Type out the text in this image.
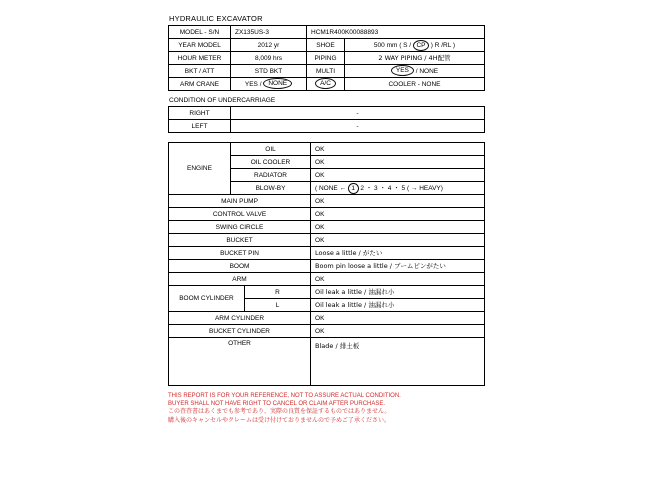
HYDRAULIC EXCAVATOR
MODEL - S/N	ZX135US-3	HCM1R400K00088893	
YEAR MODEL	2012 yr	SHOE	500 mm ( S / CP ) R /RL )
HOUR METER	8,009 hrs	PIPING	2 WAY PIPING / 4H配管
BKT / ATT	STD BKT	MULTI	YES / NONE
ARM CRANE	YES / NONE	A/C	COOLER - NONE
CONDITION OF UNDERCARRIAGE
RIGHT	-
LEFT	-
ENGINE	OIL		OK
	OIL COOLER		OK
	RADIATOR		OK
	BLOW-BY		( NONE ← 1 2 ・ 3 ・ 4 ・ 5 ( → HEAVY)
MAIN PUMP			OK
CONTROL VALVE			OK
SWING CIRCLE			OK
BUCKET			OK
BUCKET PIN			Loose a little / がたい
BOOM			Boom pin loose a little / ブームピンがたい
ARM			OK
BOOM CYLINDER		R	Oil leak a little / 油漏れ小
		L	Oil leak a little / 油漏れ小
ARM CYLINDER			OK
BUCKET CYLINDER			OK
OTHER			Blade / 排土板
THIS REPORT IS FOR YOUR REFERENCE, NOT TO ASSURE ACTUAL CONDITION.
BUYER SHALL NOT HAVE RIGHT TO CANCEL OR CLAIM AFTER PURCHASE.
この査査書はあくまでも参考であり、実際の良質を保証するものではありません。
購入後のキャンセルやクレームは受け付けておりませんので予めご了承ください。
